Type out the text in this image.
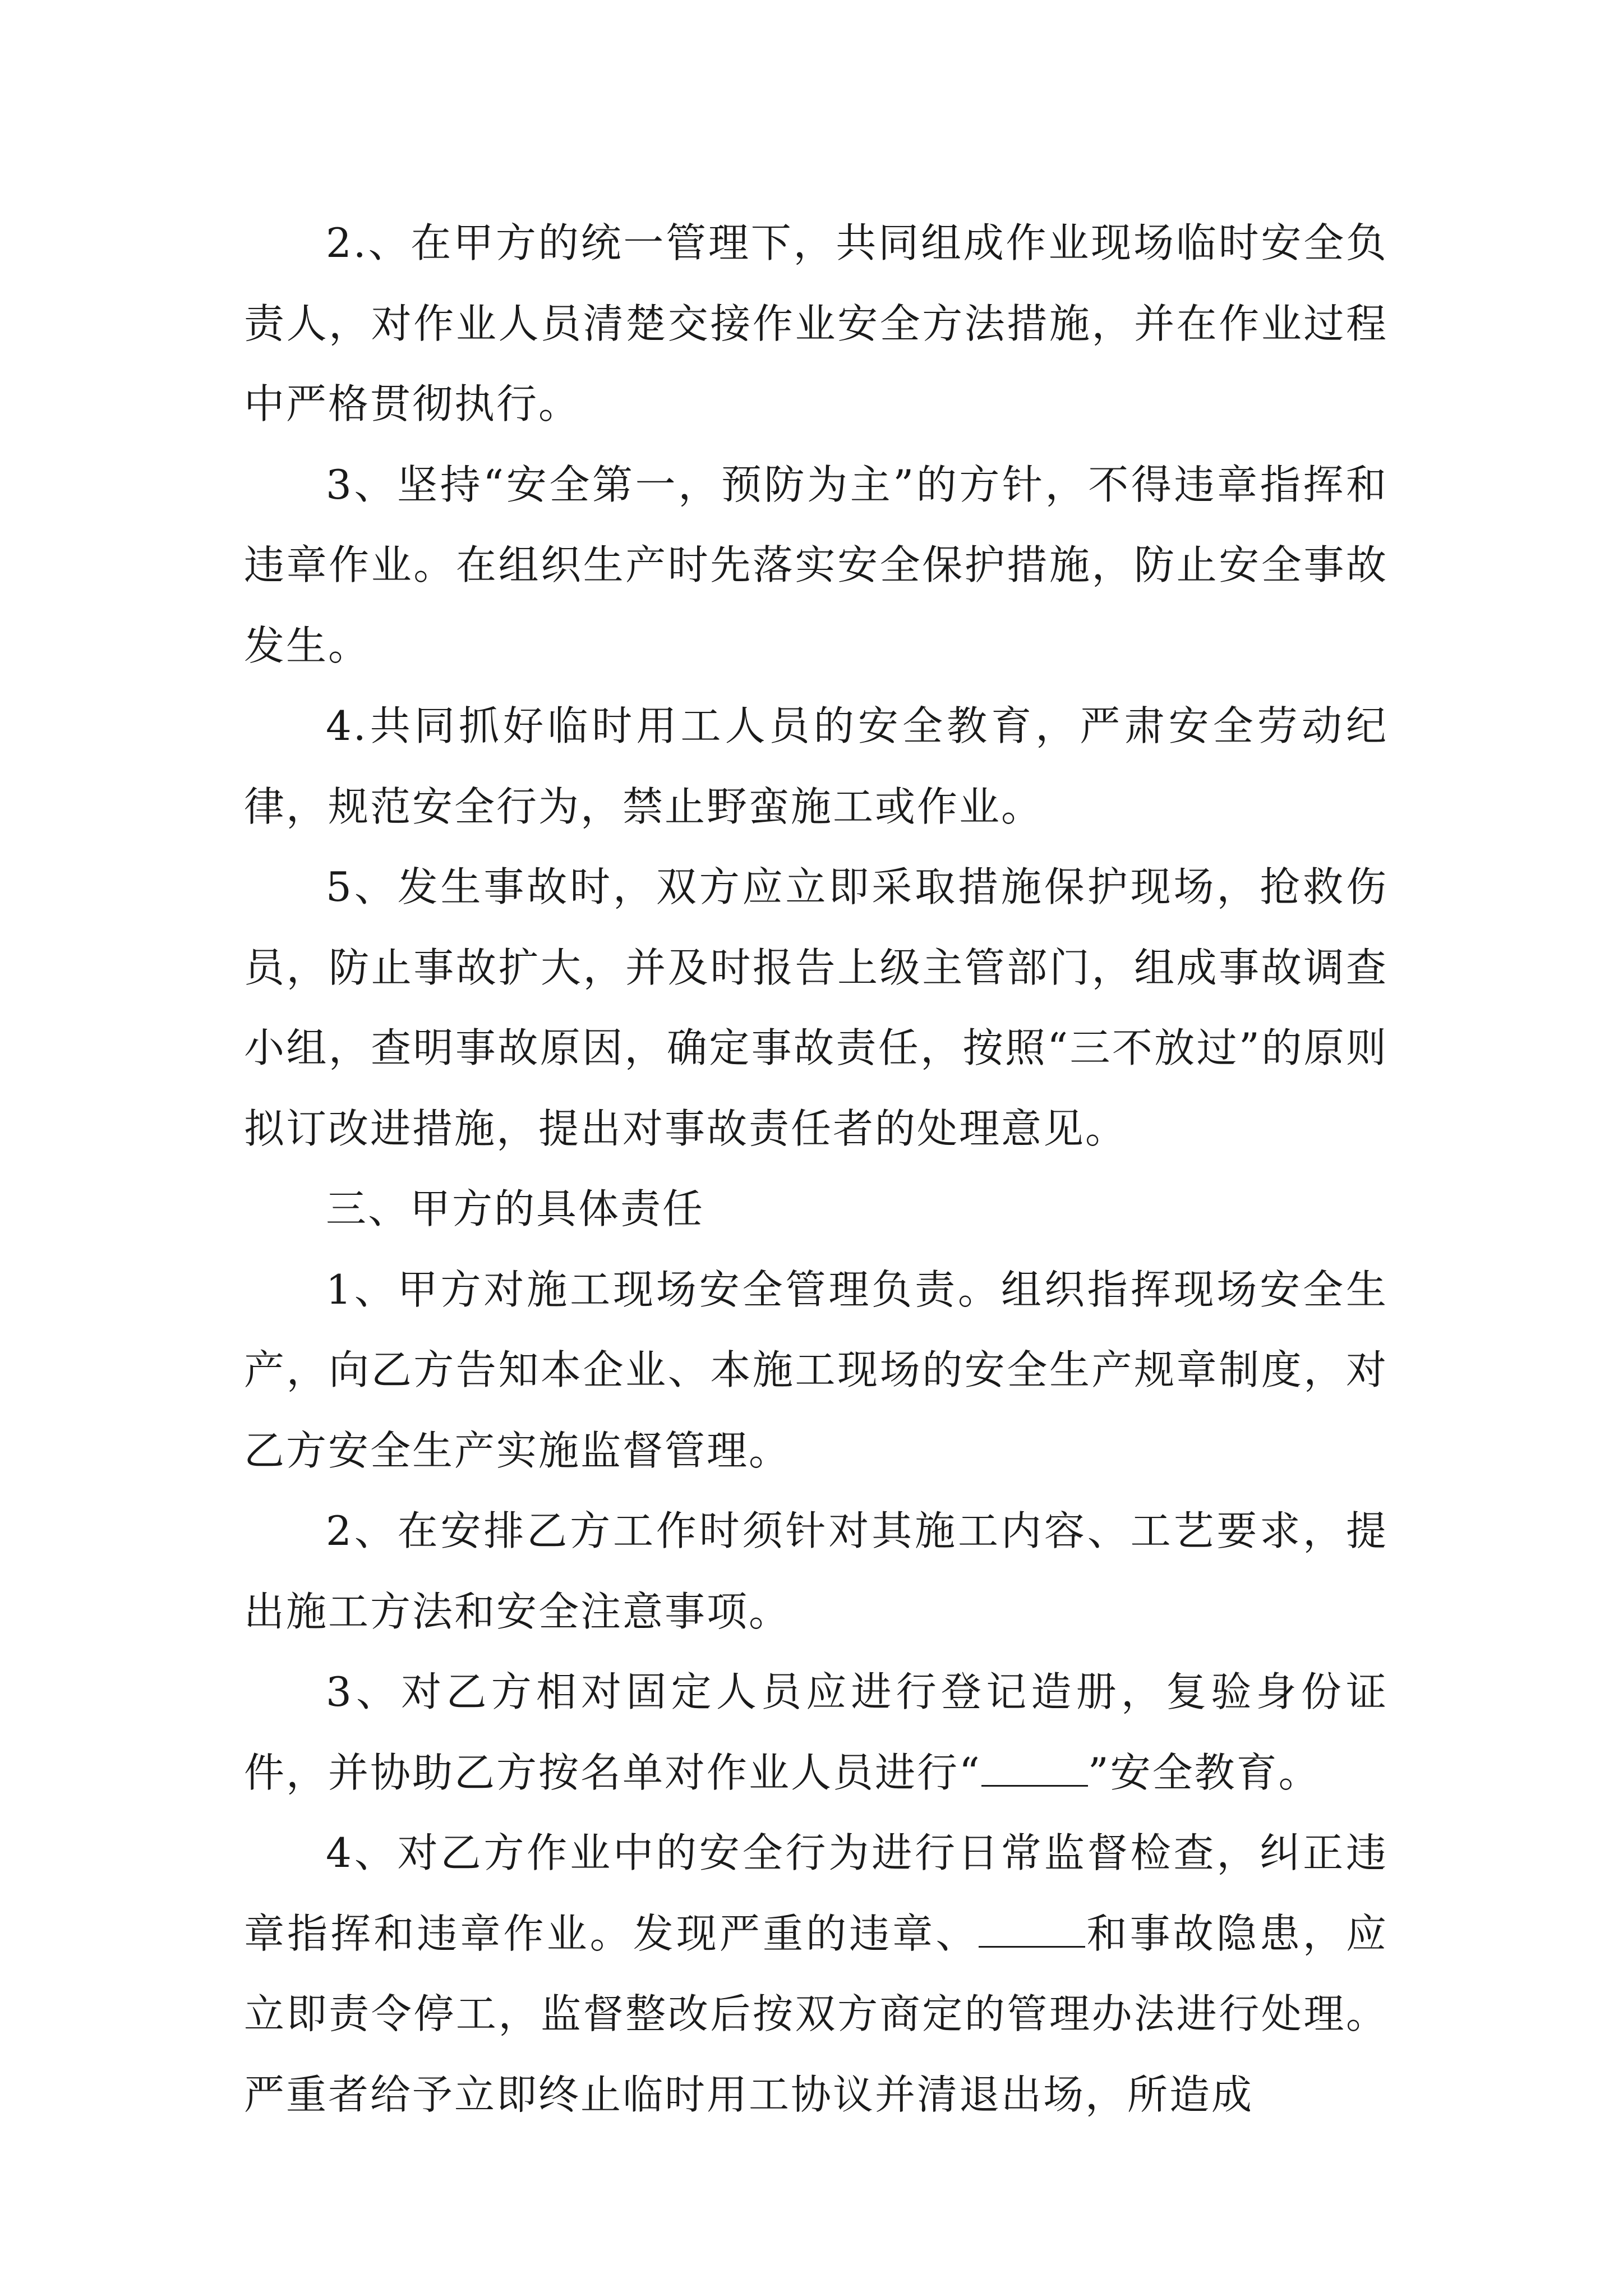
2.、在甲方的统一管理下，共同组成作业现场临时安全负责人，对作业人员清楚交接作业安全方法措施，并在作业过程中严格贯彻执行。

3、坚持“安全第一，预防为主”的方针，不得违章指挥和违章作业。在组织生产时先落实安全保护措施，防止安全事故发生。

4.共同抓好临时用工人员的安全教育，严肃安全劳动纪律，规范安全行为，禁止野蛮施工或作业。

5、发生事故时，双方应立即采取措施保护现场，抢救伤员，防止事故扩大，并及时报告上级主管部门，组成事故调查小组，查明事故原因，确定事故责任，按照“三不放过”的原则拟订改进措施，提出对事故责任者的处理意见。

三、甲方的具体责任

1、甲方对施工现场安全管理负责。组织指挥现场安全生产，向乙方告知本企业、本施工现场的安全生产规章制度，对乙方安全生产实施监督管理。

2、在安排乙方工作时须针对其施工内容、工艺要求，提出施工方法和安全注意事项。

3、对乙方相对固定人员应进行登记造册，复验身份证件，并协助乙方按名单对作业人员进行“	”安全教育。

4、对乙方作业中的安全行为进行日常监督检查，纠正违章指挥和违章作业。发现严重的违章、	和事故隐患，应立即责令停工，监督整改后按双方商定的管理办法进行处理。严重者给予立即终止临时用工协议并清退出场，所造成
